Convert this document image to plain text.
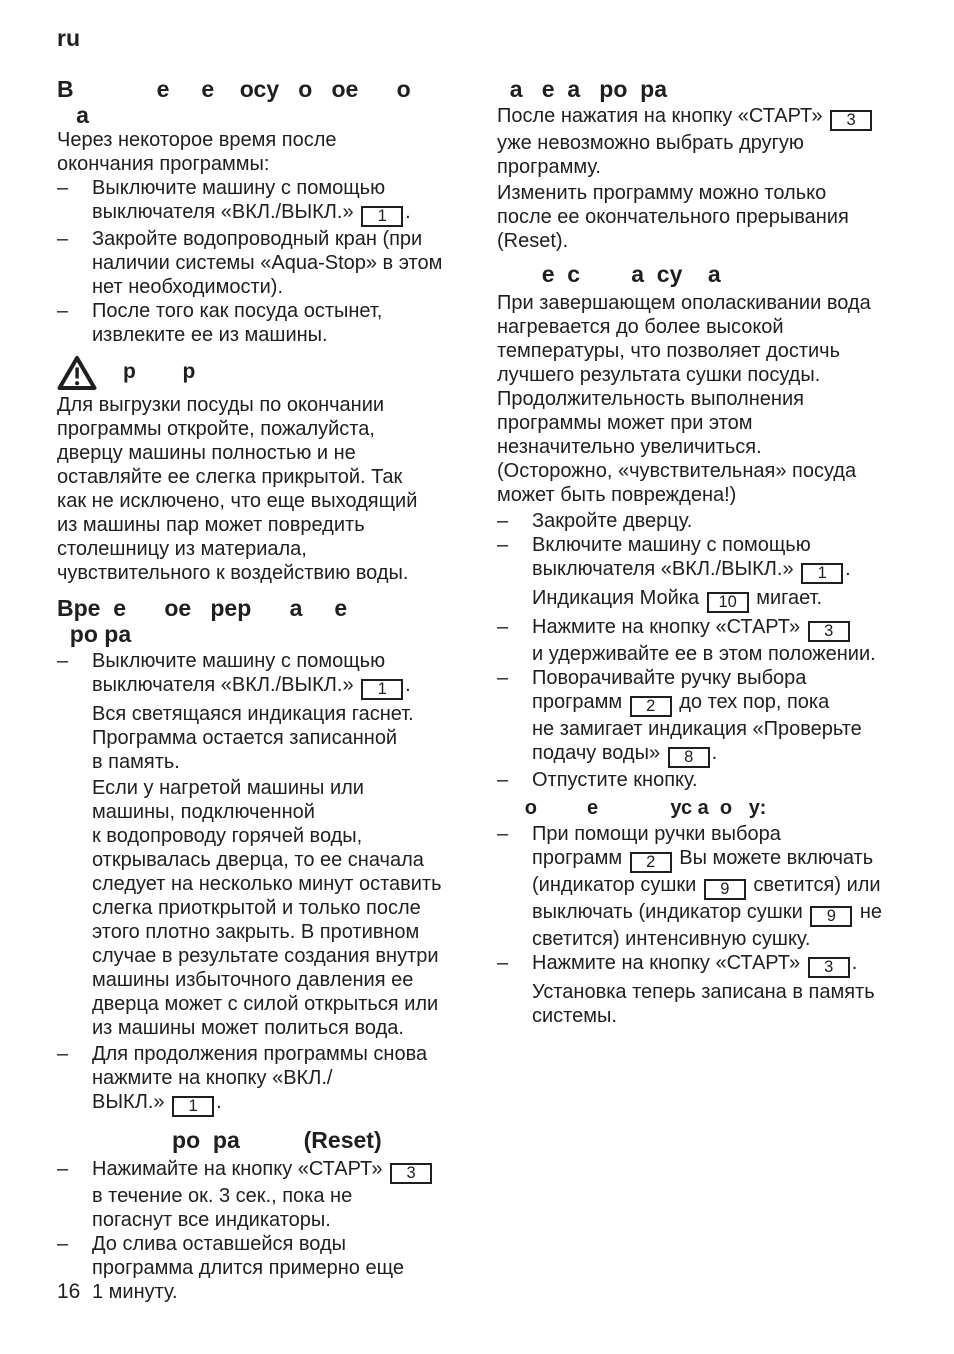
ru
В             е     е    осу   о   ое      о
а
Через некоторое время после
окончания программы:
– Выключите машину с помощью
выключателя «ВКЛ./ВЫКЛ.» 1 .
– Закройте водопроводный кран (при
наличии системы «Aqua-Stop» в этом
нет необходимости).
– После того как посуда остынет,
извлеките ее из машины.
р        р
Для выгрузки посуды по окончании
программы откройте, пожалуйста,
дверцу машины полностью и не
оставляйте ее слегка прикрытой. Так
как не исключено, что еще выходящий
из машины пар может повредить
столешницу из материала,
чувствительного к воздействию воды.
Вре  е      ое   рер      а     е
ро ра
– Выключите машину с помощью
выключателя «ВКЛ./ВЫКЛ.» 1 .
Вся светящаяся индикация гаснет.
Программа остается записанной
в память.
Если у нагретой машины или
машины, подключенной
к водопроводу горячей воды,
открывалась дверца, то ее сначала
следует на несколько минут оставить
слегка приоткрытой и только после
этого плотно закрыть. В противном
случае в результате создания внутри
машины избыточного давления ее
дверца может с силой открыться или
из машины может политься вода.
– Для продолжения программы снова
нажмите на кнопку «ВКЛ./
ВЫКЛ.» 1 .
ро  ра          (Reset)
– Нажимайте на кнопку «СТАРТ» 3
в течение ок. 3 сек., пока не
погаснут все индикаторы.
– До слива оставшейся воды
программа длится примерно еще
1 минуту.
а   е  а   ро  ра
После нажатия на кнопку «СТАРТ» 3
уже невозможно выбрать другую
программу.
Изменить программу можно только
после ее окончательного прерывания
(Reset).
е  с        а  су    а
При завершающем ополаскивании вода
нагревается до более высокой
температуры, что позволяет достичь
лучшего результата сушки посуды.
Продолжительность выполнения
программы может при этом
незначительно увеличиться.
(Осторожно, «чувствительная» посуда
может быть повреждена!)
– Закройте дверцу.
– Включите машину с помощью
выключателя «ВКЛ./ВЫКЛ.» 1 .
Индикация Мойка 10 мигает.
– Нажмите на кнопку «СТАРТ» 3
и удерживайте ее в этом положении.
– Поворачивайте ручку выбора
программ 2 до тех пор, пока
не замигает индикация «Проверьте
подачу воды» 8 .
– Отпустите кнопку.
о         е             ус а  о   у:
– При помощи ручки выбора
программ 2 Вы можете включать
(индикатор сушки 9 светится) или
выключать (индикатор сушки 9 не
светится) интенсивную сушку.
– Нажмите на кнопку «СТАРТ» 3 .
Установка теперь записана в память
системы.
16
